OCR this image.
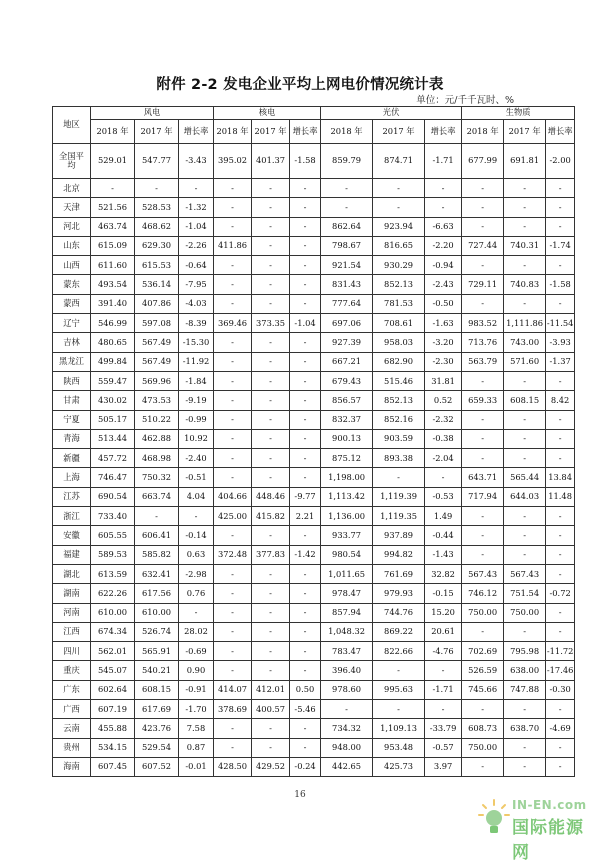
附件 2-2 发电企业平均上网电价情况统计表
单位：元/千千瓦时、%
地区	风电			核电			光伏			生物质		
	2018 年	2017 年	增长率	2018 年	2017 年	增长率	2018 年	2017 年	增长率	2018 年	2017 年	增长率
全国平均	529.01	547.77	-3.43	395.02	401.37	-1.58	859.79	874.71	-1.71	677.99	691.81	-2.00
北京	-	-	-	-	-	-	-	-	-	-	-	-
天津	521.56	528.53	-1.32	-	-	-	-	-	-	-	-	-
河北	463.74	468.62	-1.04	-	-	-	862.64	923.94	-6.63	-	-	-
山东	615.09	629.30	-2.26	411.86	-	-	798.67	816.65	-2.20	727.44	740.31	-1.74
山西	611.60	615.53	-0.64	-	-	-	921.54	930.29	-0.94	-	-	-
蒙东	493.54	536.14	-7.95	-	-	-	831.43	852.13	-2.43	729.11	740.83	-1.58
蒙西	391.40	407.86	-4.03	-	-	-	777.64	781.53	-0.50	-	-	-
辽宁	546.99	597.08	-8.39	369.46	373.35	-1.04	697.06	708.61	-1.63	983.52	1,111.86	-11.54
吉林	480.65	567.49	-15.30	-	-	-	927.39	958.03	-3.20	713.76	743.00	-3.93
黑龙江	499.84	567.49	-11.92	-	-	-	667.21	682.90	-2.30	563.79	571.60	-1.37
陕西	559.47	569.96	-1.84	-	-	-	679.43	515.46	31.81	-	-	-
甘肃	430.02	473.53	-9.19	-	-	-	856.57	852.13	0.52	659.33	608.15	8.42
宁夏	505.17	510.22	-0.99	-	-	-	832.37	852.16	-2.32	-	-	-
青海	513.44	462.88	10.92	-	-	-	900.13	903.59	-0.38	-	-	-
新疆	457.72	468.98	-2.40	-	-	-	875.12	893.38	-2.04	-	-	-
上海	746.47	750.32	-0.51	-	-	-	1,198.00	-	-	643.71	565.44	13.84
江苏	690.54	663.74	4.04	404.66	448.46	-9.77	1,113.42	1,119.39	-0.53	717.94	644.03	11.48
浙江	733.40	-	-	425.00	415.82	2.21	1,136.00	1,119.35	1.49	-	-	-
安徽	605.55	606.41	-0.14	-	-	-	933.77	937.89	-0.44	-	-	-
福建	589.53	585.82	0.63	372.48	377.83	-1.42	980.54	994.82	-1.43	-	-	-
湖北	613.59	632.41	-2.98	-	-	-	1,011.65	761.69	32.82	567.43	567.43	-
湖南	622.26	617.56	0.76	-	-	-	978.47	979.93	-0.15	746.12	751.54	-0.72
河南	610.00	610.00	-	-	-	-	857.94	744.76	15.20	750.00	750.00	-
江西	674.34	526.74	28.02	-	-	-	1,048.32	869.22	20.61	-	-	-
四川	562.01	565.91	-0.69	-	-	-	783.47	822.66	-4.76	702.69	795.98	-11.72
重庆	545.07	540.21	0.90	-	-	-	396.40	-	-	526.59	638.00	-17.46
广东	602.64	608.15	-0.91	414.07	412.01	0.50	978.60	995.63	-1.71	745.66	747.88	-0.30
广西	607.19	617.69	-1.70	378.69	400.57	-5.46	-	-	-	-	-	-
云南	455.88	423.76	7.58	-	-	-	734.32	1,109.13	-33.79	608.73	638.70	-4.69
贵州	534.15	529.54	0.87	-	-	-	948.00	953.48	-0.57	750.00	-	-
海南	607.45	607.52	-0.01	428.50	429.52	-0.24	442.65	425.73	3.97	-	-	-
16
IN-EN.com
国际能源网
